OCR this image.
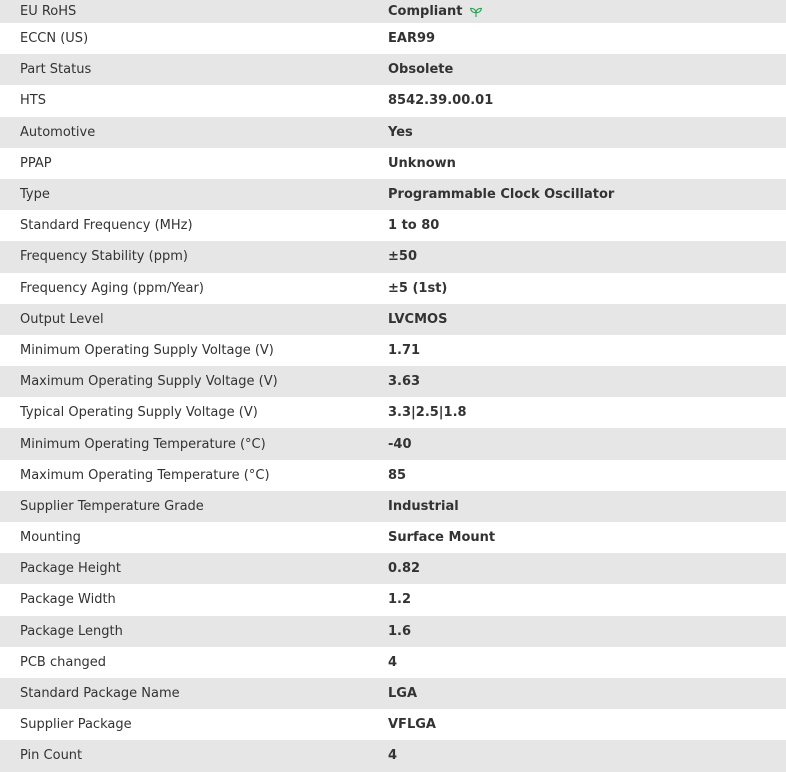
EU RoHS	Compliant
ECCN (US)	EAR99
Part Status	Obsolete
HTS	8542.39.00.01
Automotive	Yes
PPAP	Unknown
Type	Programmable Clock Oscillator
Standard Frequency (MHz)	1 to 80
Frequency Stability (ppm)	±50
Frequency Aging (ppm/Year)	±5 (1st)
Output Level	LVCMOS
Minimum Operating Supply Voltage (V)	1.71
Maximum Operating Supply Voltage (V)	3.63
Typical Operating Supply Voltage (V)	3.3|2.5|1.8
Minimum Operating Temperature (°C)	-40
Maximum Operating Temperature (°C)	85
Supplier Temperature Grade	Industrial
Mounting	Surface Mount
Package Height	0.82
Package Width	1.2
Package Length	1.6
PCB changed	4
Standard Package Name	LGA
Supplier Package	VFLGA
Pin Count	4
